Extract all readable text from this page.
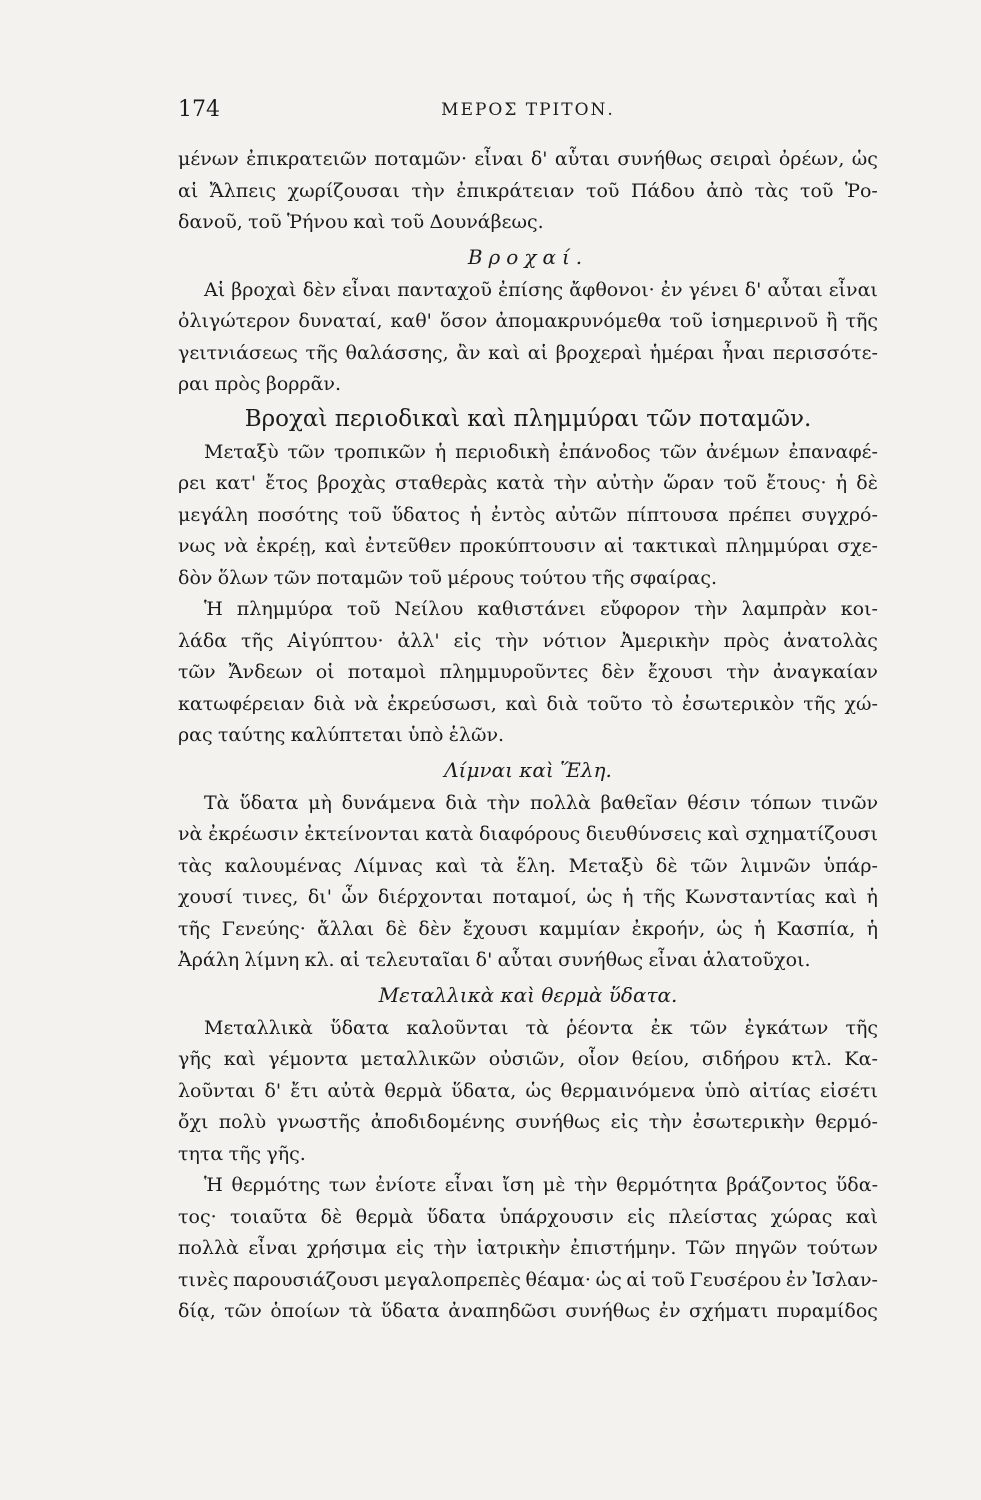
174	ΜΕΡΟΣ ΤΡΙΤΟΝ.
μένων ἐπικρατειῶν ποταμῶν· εἶναι δ' αὗται συνήθως σειραὶ ὀρέων, ὡς
αἱ Ἄλπεις χωρίζουσαι τὴν ἐπικράτειαν τοῦ Πάδου ἀπὸ τὰς τοῦ Ῥο-
δανοῦ, τοῦ Ῥήνου καὶ τοῦ Δουνάβεως.
Βροχαί.
Αἱ βροχαὶ δὲν εἶναι πανταχοῦ ἐπίσης ἄφθονοι· ἐν γένει δ' αὗται εἶναι
ὀλιγώτερον δυναταί, καθ' ὅσον ἀπομακρυνόμεθα τοῦ ἰσημερινοῦ ἢ τῆς
γειτνιάσεως τῆς θαλάσσης, ἂν καὶ αἱ βροχεραὶ ἡμέραι ἦναι περισσότε-
ραι πρὸς βορρᾶν.
Βροχαὶ περιοδικαὶ καὶ πλημμύραι τῶν ποταμῶν.
Μεταξὺ τῶν τροπικῶν ἡ περιοδικὴ ἐπάνοδος τῶν ἀνέμων ἐπαναφέ-
ρει κατ' ἔτος βροχὰς σταθερὰς κατὰ τὴν αὐτὴν ὥραν τοῦ ἔτους· ἡ δὲ
μεγάλη ποσότης τοῦ ὕδατος ἡ ἐντὸς αὐτῶν πίπτουσα πρέπει συγχρό-
νως νὰ ἐκρέῃ, καὶ ἐντεῦθεν προκύπτουσιν αἱ τακτικαὶ πλημμύραι σχε-
δὸν ὅλων τῶν ποταμῶν τοῦ μέρους τούτου τῆς σφαίρας.
Ἡ πλημμύρα τοῦ Νείλου καθιστάνει εὔφορον τὴν λαμπρὰν κοι-
λάδα τῆς Αἰγύπτου· ἀλλ' εἰς τὴν νότιον Ἀμερικὴν πρὸς ἀνατολὰς
τῶν Ἄνδεων οἱ ποταμοὶ πλημμυροῦντες δὲν ἔχουσι τὴν ἀναγκαίαν
κατωφέρειαν διὰ νὰ ἐκρεύσωσι, καὶ διὰ τοῦτο τὸ ἐσωτερικὸν τῆς χώ-
ρας ταύτης καλύπτεται ὑπὸ ἑλῶν.
Λίμναι καὶ Ἕλη.
Τὰ ὕδατα μὴ δυνάμενα διὰ τὴν πολλὰ βαθεῖαν θέσιν τόπων τινῶν
νὰ ἐκρέωσιν ἐκτείνονται κατὰ διαφόρους διευθύνσεις καὶ σχηματίζουσι
τὰς καλουμένας Λίμνας καὶ τὰ ἕλη. Μεταξὺ δὲ τῶν λιμνῶν ὑπάρ-
χουσί τινες, δι' ὧν διέρχονται ποταμοί, ὡς ἡ τῆς Κωνσταντίας καὶ ἡ
τῆς Γενεύης· ἄλλαι δὲ δὲν ἔχουσι καμμίαν ἐκροήν, ὡς ἡ Κασπία, ἡ
Ἀράλη λίμνη κλ. αἱ τελευταῖαι δ' αὗται συνήθως εἶναι ἁλατοῦχοι.
Μεταλλικὰ καὶ θερμὰ ὕδατα.
Μεταλλικὰ ὕδατα καλοῦνται τὰ ῥέοντα ἐκ τῶν ἐγκάτων τῆς
γῆς καὶ γέμοντα μεταλλικῶν οὐσιῶν, οἷον θείου, σιδήρου κτλ. Κα-
λοῦνται δ' ἔτι αὐτὰ θερμὰ ὕδατα, ὡς θερμαινόμενα ὑπὸ αἰτίας εἰσέτι
ὄχι πολὺ γνωστῆς ἀποδιδομένης συνήθως εἰς τὴν ἐσωτερικὴν θερμό-
τητα τῆς γῆς.
Ἡ θερμότης των ἐνίοτε εἶναι ἴση μὲ τὴν θερμότητα βράζοντος ὕδα-
τος· τοιαῦτα δὲ θερμὰ ὕδατα ὑπάρχουσιν εἰς πλείστας χώρας καὶ
πολλὰ εἶναι χρήσιμα εἰς τὴν ἰατρικὴν ἐπιστήμην. Τῶν πηγῶν τούτων
τινὲς παρουσιάζουσι μεγαλοπρεπὲς θέαμα· ὡς αἱ τοῦ Γευσέρου ἐν Ἰσλαν-
δίᾳ, τῶν ὁποίων τὰ ὕδατα ἀναπηδῶσι συνήθως ἐν σχήματι πυραμίδος
